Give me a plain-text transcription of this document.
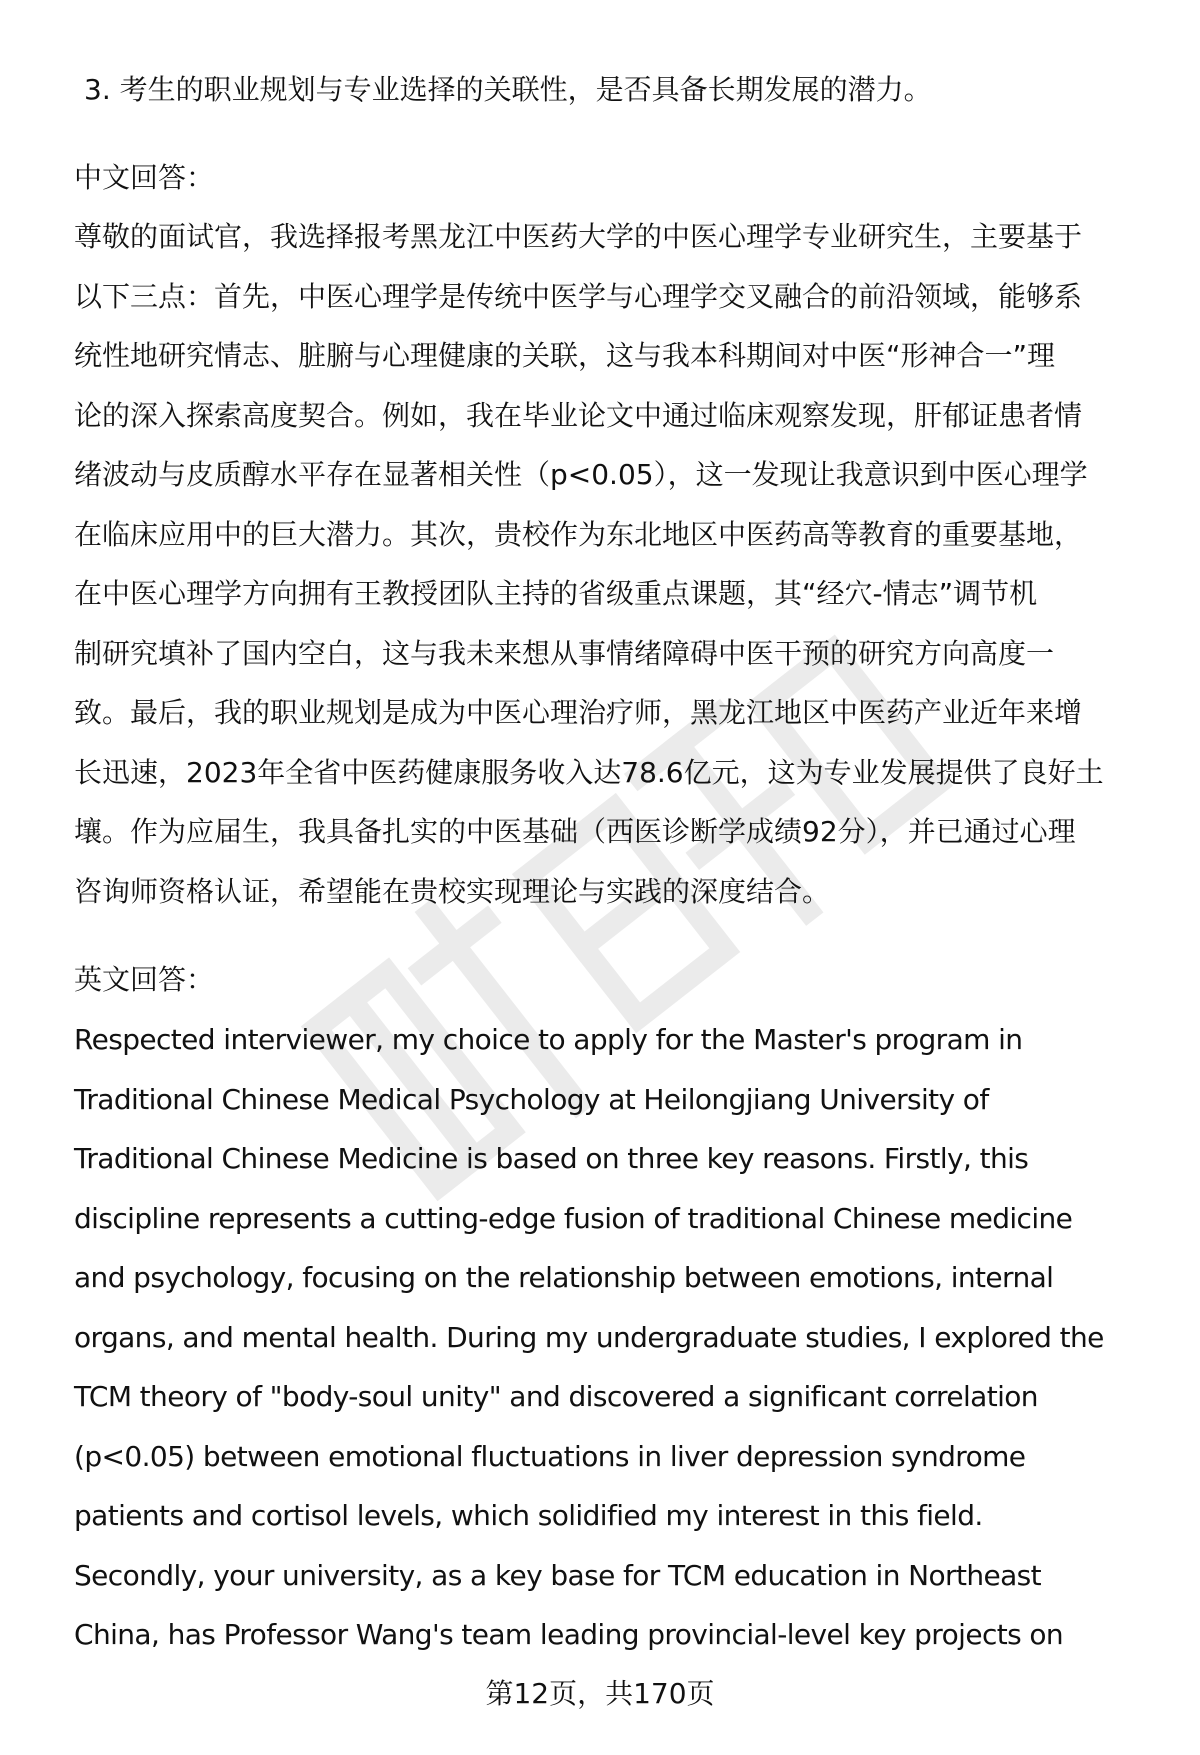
3. 考生的职业规划与专业选择的关联性，是否具备长期发展的潜力。
中文回答：
尊敬的面试官，我选择报考黑龙江中医药大学的中医心理学专业研究生，主要基于
以下三点：首先，中医心理学是传统中医学与心理学交叉融合的前沿领域，能够系
统性地研究情志、脏腑与心理健康的关联，这与我本科期间对中医“形神合一”理
论的深入探索高度契合。例如，我在毕业论文中通过临床观察发现，肝郁证患者情
绪波动与皮质醇水平存在显著相关性（p<0.05），这一发现让我意识到中医心理学
在临床应用中的巨大潜力。其次，贵校作为东北地区中医药高等教育的重要基地，
在中医心理学方向拥有王教授团队主持的省级重点课题，其“经穴-情志”调节机
制研究填补了国内空白，这与我未来想从事情绪障碍中医干预的研究方向高度一
致。最后，我的职业规划是成为中医心理治疗师，黑龙江地区中医药产业近年来增
长迅速，2023年全省中医药健康服务收入达78.6亿元，这为专业发展提供了良好土
壤。作为应届生，我具备扎实的中医基础（西医诊断学成绩92分），并已通过心理
咨询师资格认证，希望能在贵校实现理论与实践的深度结合。
英文回答：
Respected interviewer, my choice to apply for the Master's program in
Traditional Chinese Medical Psychology at Heilongjiang University of
Traditional Chinese Medicine is based on three key reasons. Firstly, this
discipline represents a cutting-edge fusion of traditional Chinese medicine
and psychology, focusing on the relationship between emotions, internal
organs, and mental health. During my undergraduate studies, I explored the
TCM theory of "body-soul unity" and discovered a significant correlation
(p<0.05) between emotional fluctuations in liver depression syndrome
patients and cortisol levels, which solidified my interest in this field.
Secondly, your university, as a key base for TCM education in Northeast
China, has Professor Wang's team leading provincial-level key projects on
第12页，共170页
